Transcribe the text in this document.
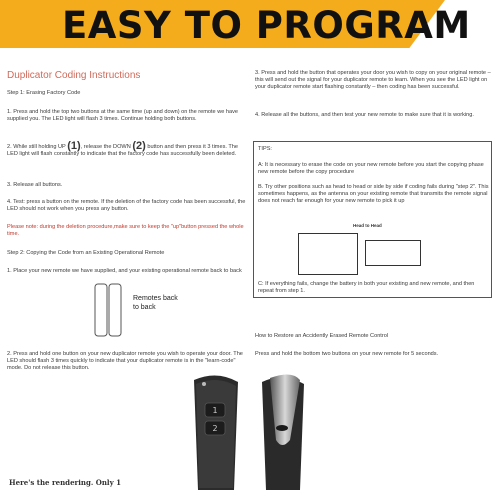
EASY TO PROGRAM
Duplicator Coding Instructions
Step 1: Erasing Factory Code
1. Press and hold the top two buttons at the same time (up and down) on the remote we have supplied you. The LED light will flash 3 times. Continue holding both buttons.
2. While still holding UP (1), release the DOWN (2) button and then press it 3 times. The LED light will flash constantly to indicate that the factory code has successfully been deleted.
3. Release all buttons.
4. Test: press a button on the remote. If the deletion of the factory code has been successful, the LED should not work when you press any button.
Please note: during the deletion procedure,make sure to keep the "up"button pressed the whole time.
Step 2: Copying the Code from an Existing Operational Remote
1. Place your new remote we have supplied, and your existing operational remote back to back
Remotes back to back
2. Press and hold one button on your new duplicator remote you wish to operate your door. The LED should flash 3 times quickly to indicate that your duplicator remote is in the "learn-code" mode. Do not release this button.
3. Press and hold the button that operates your door you wish to copy on your original remote – this will send out the signal for your duplicator remote to learn. When you see the LED light on your duplicator remote start flashing constantly – then coding has been successful.
4. Release all the buttons, and then test your new remote to make sure that it is working.
TIPS:
A: It is necessary to erase the code on your new remote before you start the copying phase new remote before the copy procedure
B. Try other positions such as head to head or side by side if coding fails during "step 2". This sometimes happens, as the antenna on your existing remote that transmits the remote signal does not reach far enough for your new remote to pick it up
Head to Head
C: If everything fails, change the battery in both your existing and new remote, and then repeat from step 1.
How to Restore an Accidently Erased Remote Control
Press and hold the bottom two buttons on your new remote for 5 seconds.
1
2
Here's the rendering. Only 1
